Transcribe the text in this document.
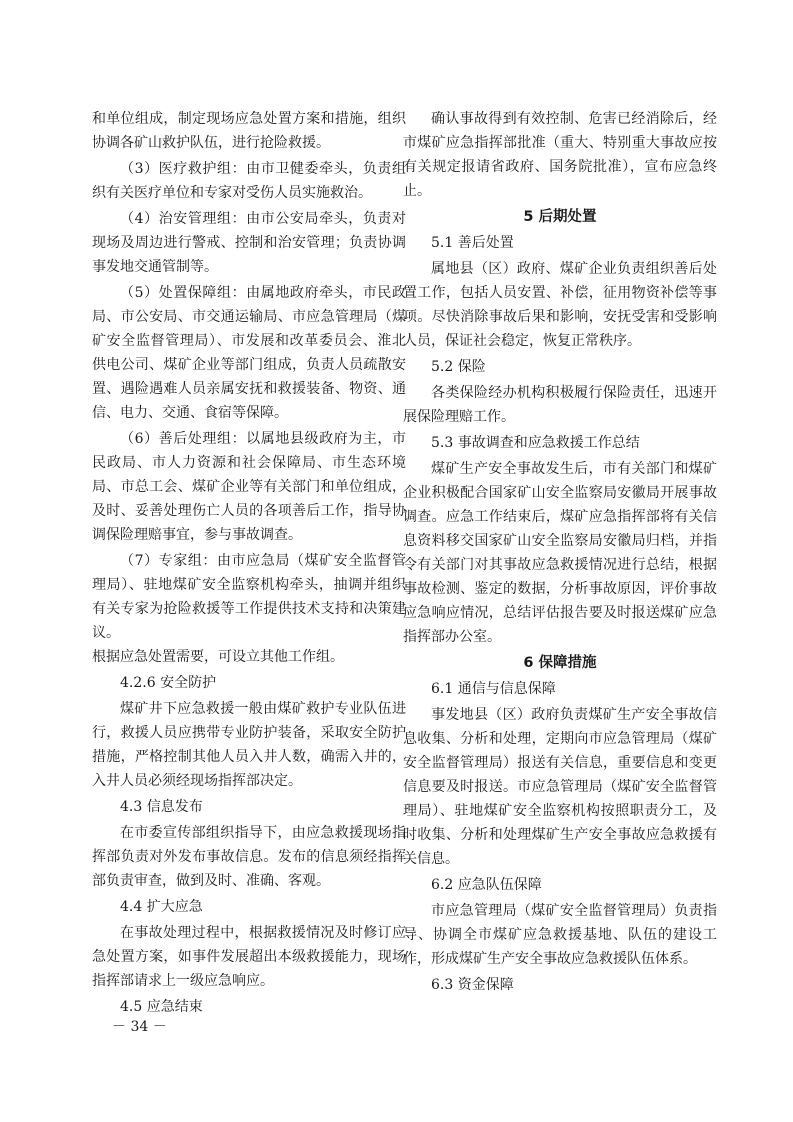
和单位组成，制定现场应急处置方案和措施，组织协调各矿山救护队伍，进行抢险救援。

（3）医疗救护组：由市卫健委牵头，负责组织有关医疗单位和专家对受伤人员实施救治。

（4）治安管理组：由市公安局牵头，负责对现场及周边进行警戒、控制和治安管理；负责协调事发地交通管制等。

（5）处置保障组：由属地政府牵头，市民政局、市公安局、市交通运输局、市应急管理局（煤矿安全监督管理局）、市发展和改革委员会、淮北供电公司、煤矿企业等部门组成，负责人员疏散安置、遇险遇难人员亲属安抚和救援装备、物资、通信、电力、交通、食宿等保障。

（6）善后处理组：以属地县级政府为主，市民政局、市人力资源和社会保障局、市生态环境局、市总工会、煤矿企业等有关部门和单位组成，及时、妥善处理伤亡人员的各项善后工作，指导协调保险理赔事宜，参与事故调查。

（7）专家组：由市应急局（煤矿安全监督管理局）、驻地煤矿安全监察机构牵头，抽调并组织有关专家为抢险救援等工作提供技术支持和决策建议。

根据应急处置需要，可设立其他工作组。

4.2.6 安全防护

煤矿井下应急救援一般由煤矿救护专业队伍进行，救援人员应携带专业防护装备，采取安全防护措施，严格控制其他人员入井人数，确需入井的，入井人员必须经现场指挥部决定。

4.3 信息发布

在市委宣传部组织指导下，由应急救援现场指挥部负责对外发布事故信息。发布的信息须经指挥部负责审查，做到及时、准确、客观。

4.4 扩大应急

在事故处理过程中，根据救援情况及时修订应急处置方案，如事件发展超出本级救援能力，现场指挥部请求上一级应急响应。

4.5 应急结束

确认事故得到有效控制、危害已经消除后，经市煤矿应急指挥部批准（重大、特别重大事故应按有关规定报请省政府、国务院批准），宣布应急终止。

5 后期处置

5.1 善后处置

属地县（区）政府、煤矿企业负责组织善后处置工作，包括人员安置、补偿，征用物资补偿等事项。尽快消除事故后果和影响，安抚受害和受影响人员，保证社会稳定，恢复正常秩序。

5.2 保险

各类保险经办机构积极履行保险责任，迅速开展保险理赔工作。

5.3 事故调查和应急救援工作总结

煤矿生产安全事故发生后，市有关部门和煤矿企业积极配合国家矿山安全监察局安徽局开展事故调查。应急工作结束后，煤矿应急指挥部将有关信息资料移交国家矿山安全监察局安徽局归档，并指令有关部门对其事故应急救援情况进行总结，根据事故检测、鉴定的数据，分析事故原因，评价事故应急响应情况，总结评估报告要及时报送煤矿应急指挥部办公室。

6 保障措施

6.1 通信与信息保障

事发地县（区）政府负责煤矿生产安全事故信息收集、分析和处理，定期向市应急管理局（煤矿安全监督管理局）报送有关信息，重要信息和变更信息要及时报送。市应急管理局（煤矿安全监督管理局）、驻地煤矿安全监察机构按照职责分工，及时收集、分析和处理煤矿生产安全事故应急救援有关信息。

6.2 应急队伍保障

市应急管理局（煤矿安全监督管理局）负责指导、协调全市煤矿应急救援基地、队伍的建设工作，形成煤矿生产安全事故应急救援队伍体系。

6.3 资金保障

－ 34 －
